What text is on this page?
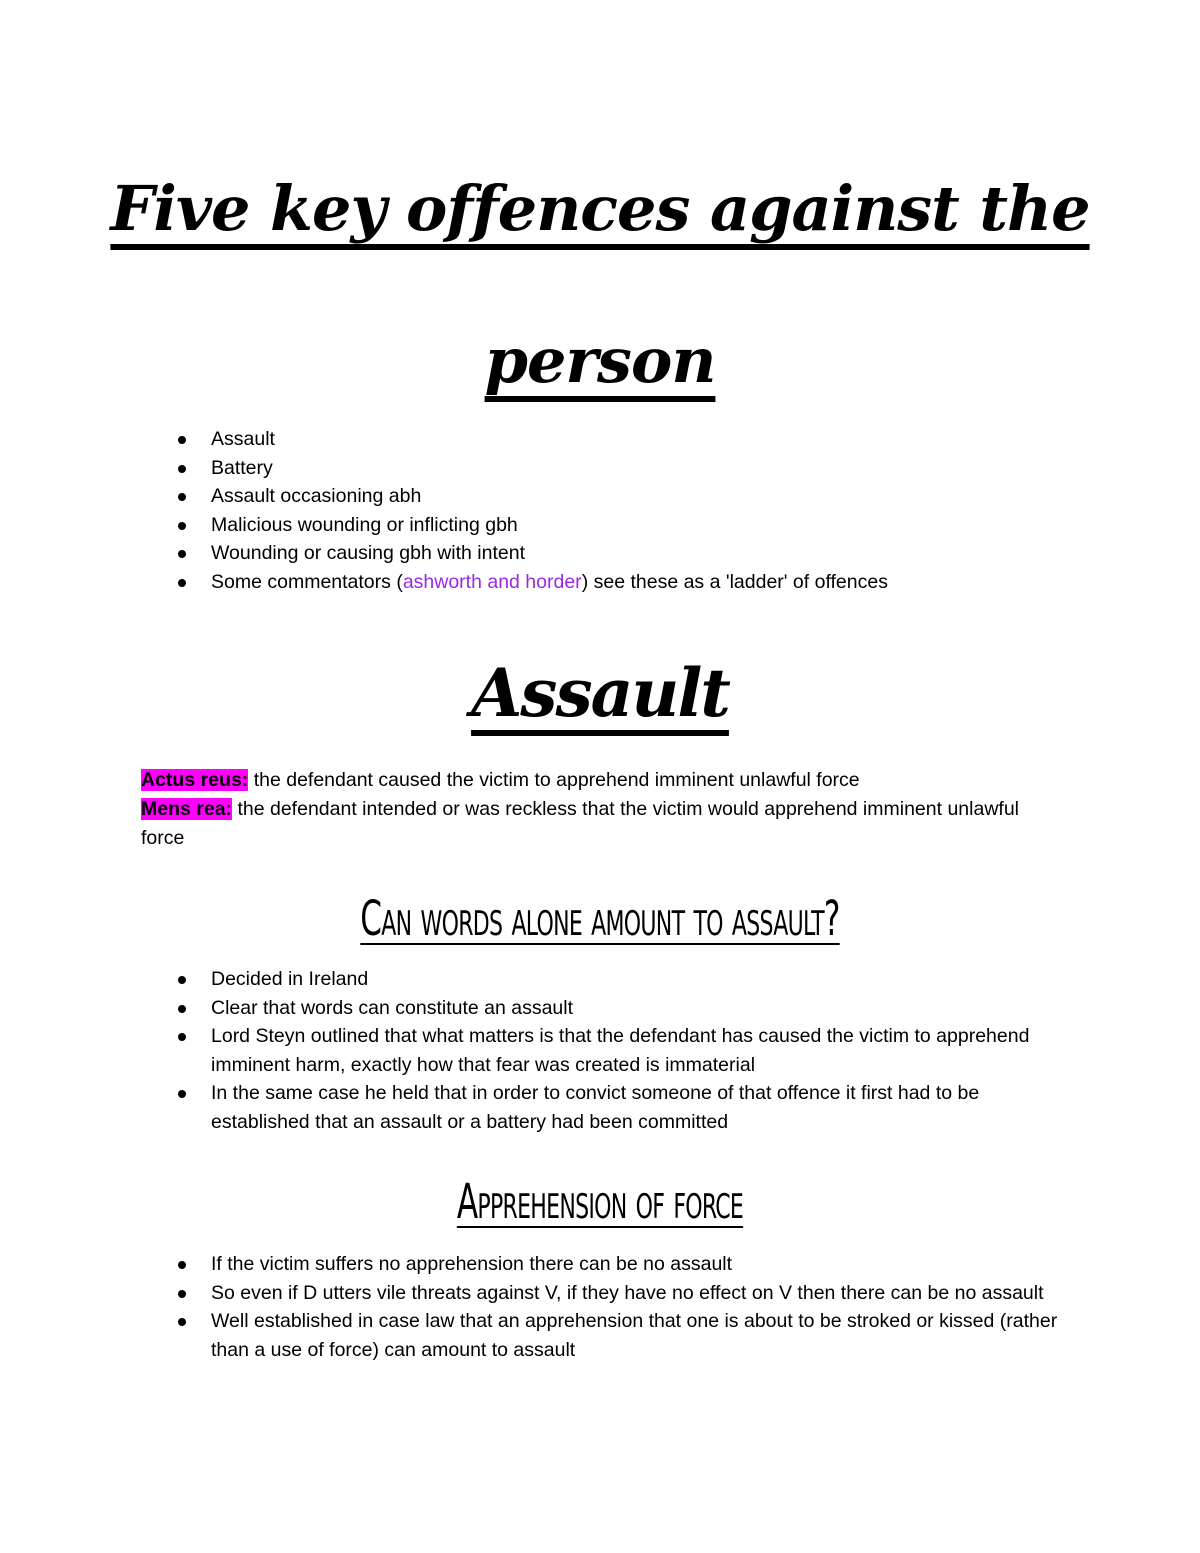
Five key offences against the
person
Assault
Battery
Assault occasioning abh
Malicious wounding or inflicting gbh
Wounding or causing gbh with intent
Some commentators (ashworth and horder) see these as a 'ladder' of offences
Assault
Actus reus: the defendant caused the victim to apprehend imminent unlawful force
Mens rea: the defendant intended or was reckless that the victim would apprehend imminent unlawful force
Can words alone amount to assault?
Decided in Ireland
Clear that words can constitute an assault
Lord Steyn outlined that what matters is that the defendant has caused the victim to apprehend imminent harm, exactly how that fear was created is immaterial
In the same case he held that in order to convict someone of that offence it first had to be established that an assault or a battery had been committed
Apprehension of force
If the victim suffers no apprehension there can be no assault
So even if D utters vile threats against V, if they have no effect on V then there can be no assault
Well established in case law that an apprehension that one is about to be stroked or kissed (rather than a use of force) can amount to assault
